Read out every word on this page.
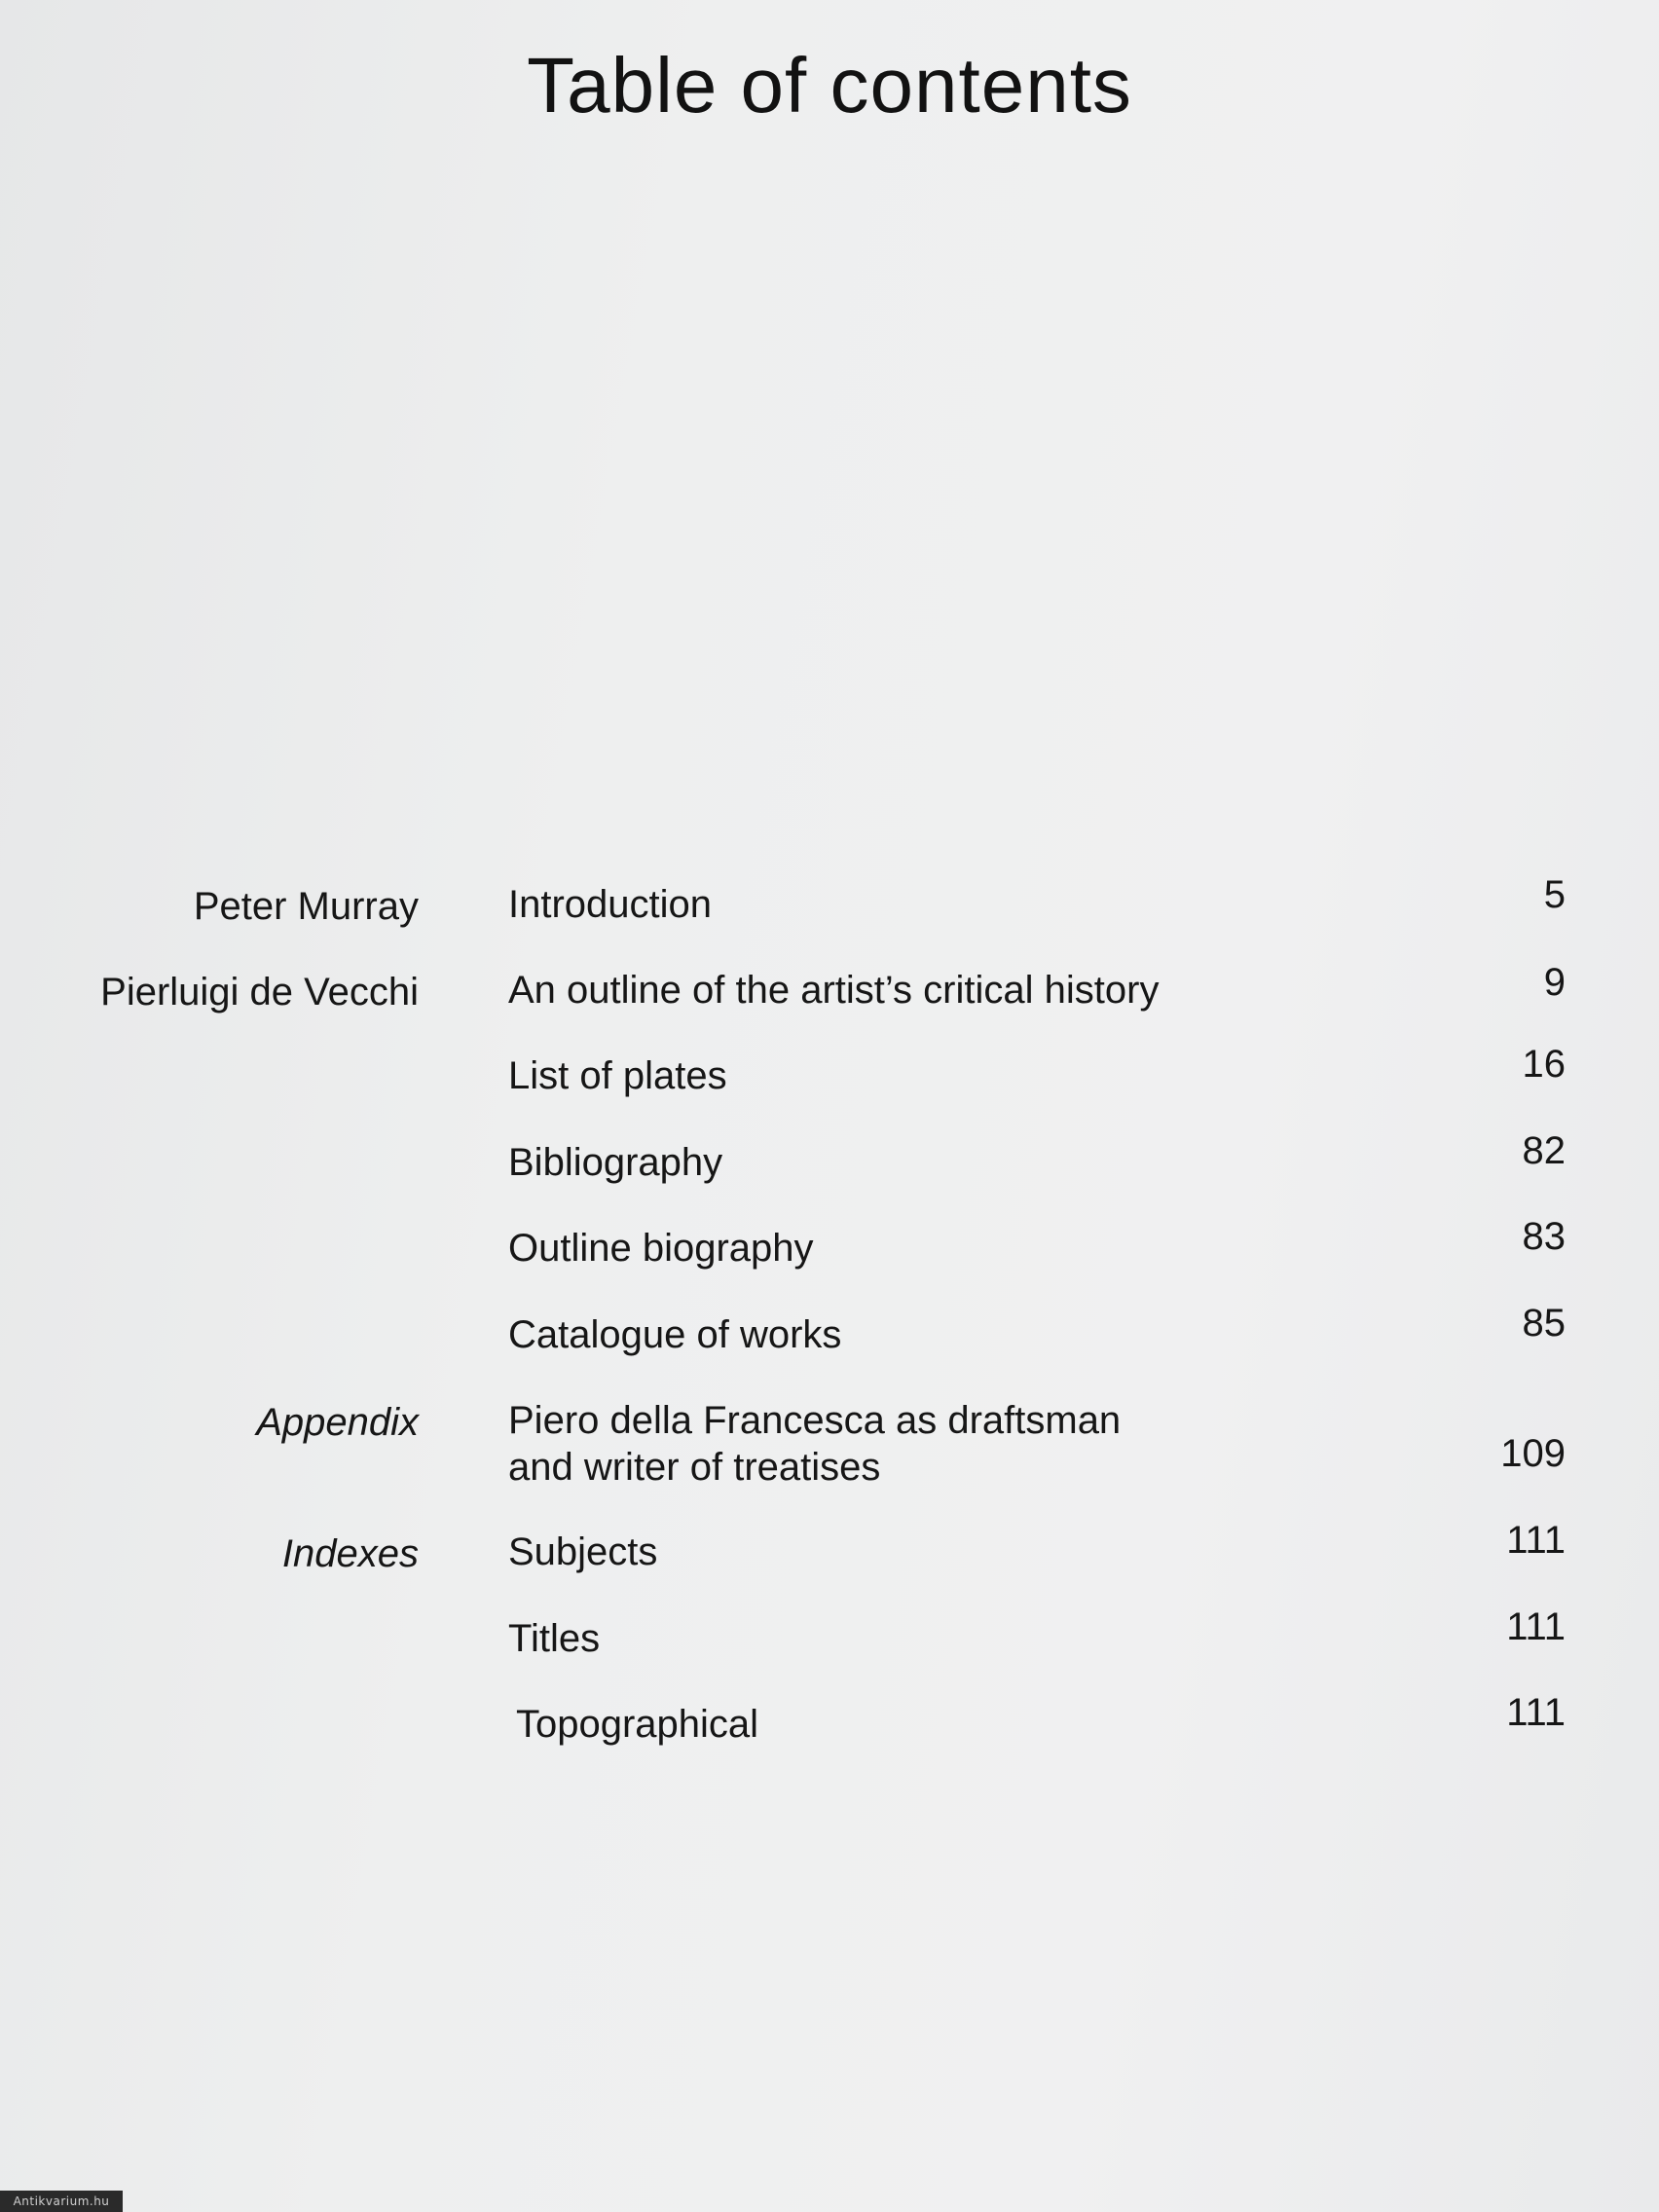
Table of contents
Peter Murray Introduction	5
Pierluigi de Vecchi An outline of the artist’s critical history	9
List of plates	16
Bibliography	82
Outline biography	83
Catalogue of works	85
Appendix Piero della Francesca as draftsman
and writer of treatises	109
Indexes Subjects	111
Titles	111
Topographical	111
Antikvarium.hu
